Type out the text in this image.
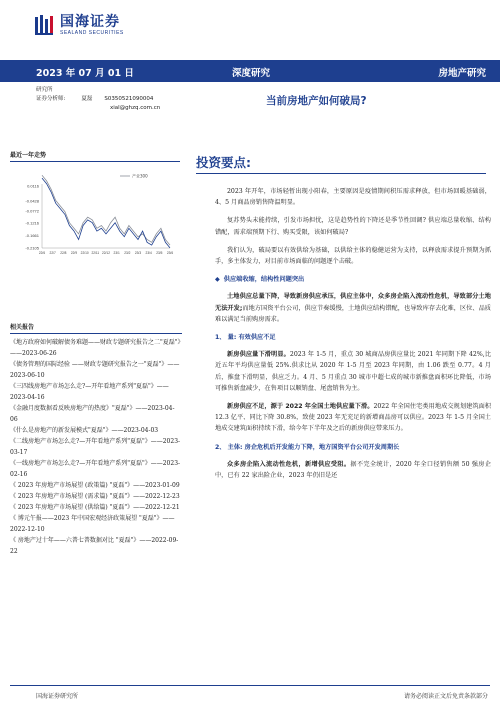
国海证券
SEALAND SECURITIES
2023 年 07 月 01 日	深度研究	房地产研究
研究所
证券分析师:	夏磊 S0350521090004
xial@ghzq.com.cn
当前房地产如何破局?
最近一年走势
0.0116
-0.0428
-0.0772
-0.1216
-0.1661
-0.2105
22/6 22/7 22/8 22/9 22/10 22/11 22/12 23/1 23/2 23/3 23/4 23/5 23/6
产业300
相关报告
《地方政府如何破解债务难题——财政专题研究报告之二"夏磊"》——2023-06-26
《债务管理的国际经验 ——财政专题研究报告之一"夏磊"》——2023-06-10
《三四线房地产市场怎么走?—开年看地产系列"夏磊"》——2023-04-16
《金融月度数据看反映房地产的热度》"夏磊"》——2023-04-06
《什么是房地产的新发展模式"夏磊"》——2023-04-03
《二线房地产市场怎么走?—开年看地产系列"夏磊"》——2023-03-17
《一线房地产市场怎么走?—开年看地产系列"夏磊"》——2023-02-16
《 2023 年房地产市场展望 (政策篇) "夏磊"》——2023-01-09
《 2023 年房地产市场展望 (需求篇) "夏磊"》——2022-12-23
《 2023 年房地产市场展望 (供给篇) "夏磊"》——2022-12-21
《 博元午报——2023 年中国宏观经济政策展望 "夏磊"》——2022-12-10
《 房地产过十年——六普七普数据对比 "夏磊"》——2022-09-22
投资要点:

2023 年开年，市场轻暂出现小阳春，主要原因是疫情期间积压需求释放，但市场回暖基础弱， 4、5 月商品房销售降温明显。

复苏势头未能持续，引发市场担忧，这是趋势性的下降还是季节性回调? 供应端总量收缩、结构错配，需求端预期下行、购买受限，该如何破局?

我们认为，破局要以有效供给为基础，以供给主体的稳健运营为支持，以释放需求提升预期为抓手，多主体发力，对目前市场面临的问题逐个击破。

◆ 供应端收缩，结构性问题突出

土地供应总量下降，导致新房供应承压，供应主体中，众多房企陷入流动性危机，导致部分土地无法开发;而地方国资平台公司，供应节奏缓慢，土地供应结构错配，也导致库存去化难，区位、品质难以满足当前购房需求。

1、 量: 有效供应不足

新房供应量下滑明显。2023 年 1-5 月，重点 30 城商品房供应量比 2021 年同期下降 42%,比近五年平均供应量低 25%.供求比从 2020 年 1-5 月至 2023 年同期，由 1.06 跌至 0.77。4 月后，推盘下滑明显，供应乏力。4 月、5 月重点 30 城市中超七成的城市新推盘面积环比降低，市场可推售新盘减少，在售项目以顺销盘、尾盘销售为主。

新房供应不足，源于 2022 年全国土地供应量下滑。2022 年全国住宅类用地成交规划建筑面积 12.3 亿平、同比下降 30.8%，致使 2023 年无充足的新增商品房可以供应。2023 年 1-5 月全国土地成交建筑面积持续下滑，给今年下半年及之后的新房供应带来压力。

2、 主体: 房企危机后开发能力下降，地方国资平台公司开发周期长

众多房企陷入流动性危机，新增供应受阻。据不完全统计，2020 年全口径销售额 50 强房企中，已有 22 家出险企业，2023 年仍旧是还

国海证券研究所	请务必阅读正文后免责条款部分
